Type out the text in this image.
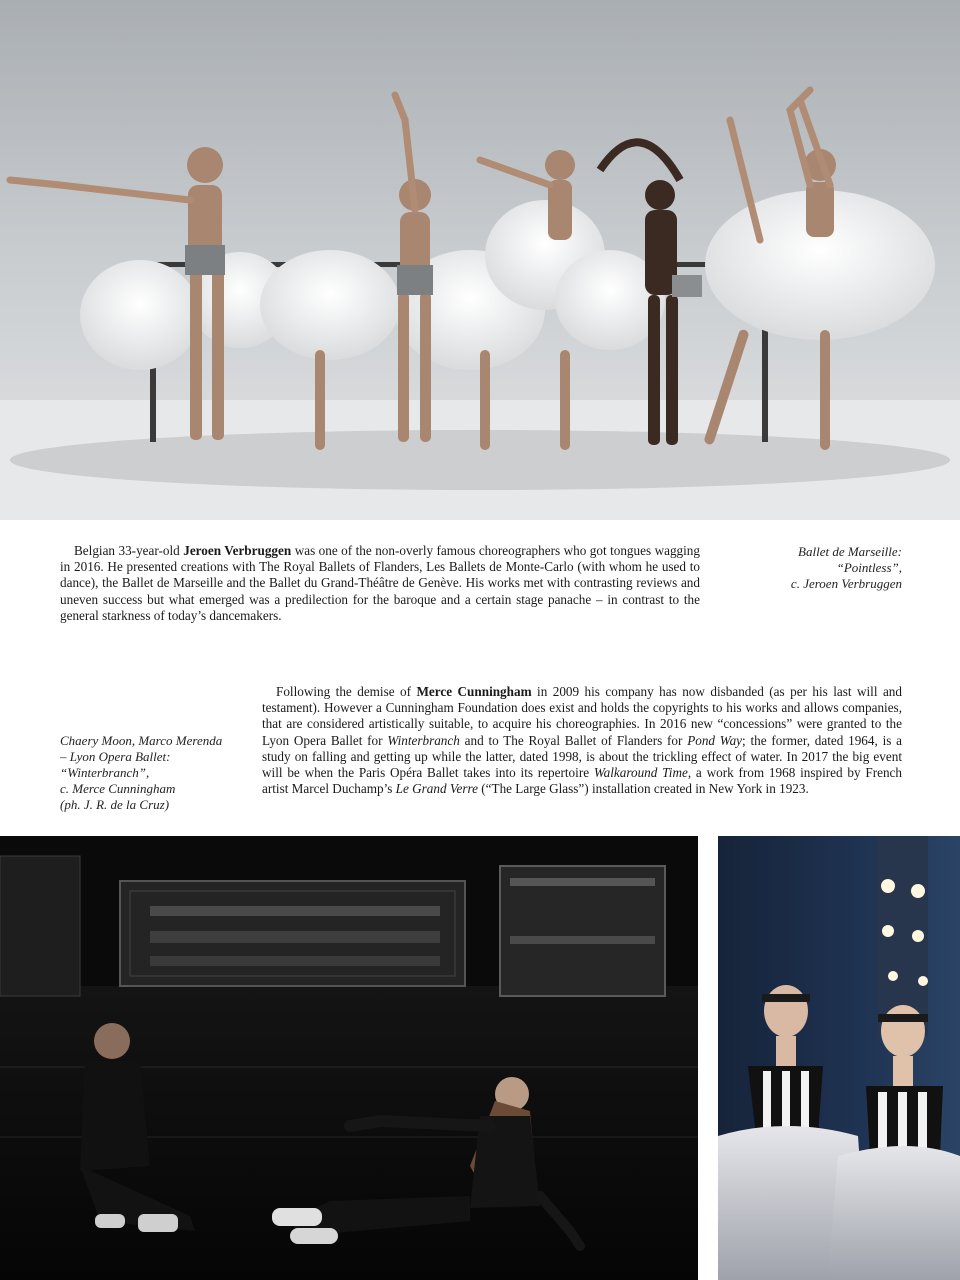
Belgian 33-year-old Jeroen Verbruggen was one of the non-overly famous choreographers who got tongues wagging in 2016. He presented creations with The Royal Ballets of Flanders, Les Ballets de Monte-Carlo (with whom he used to dance), the Ballet de Marseille and the Ballet du Grand-Théâtre de Genève. His works met with contrasting reviews and uneven success but what emerged was a predilection for the baroque and a certain stage panache – in contrast to the general starkness of today’s dancemakers.

Ballet de Marseille:
“Pointless”,
c. Jeroen Verbruggen

Following the demise of Merce Cunningham in 2009 his company has now disbanded (as per his last will and testament). However a Cunningham Foundation does exist and holds the copyrights to his works and allows companies, that are considered artistically suitable, to acquire his choreographies. In 2016 new “concessions” were granted to the Lyon Opera Ballet for Winterbranch and to The Royal Ballet of Flanders for Pond Way; the former, dated 1964, is a study on falling and getting up while the latter, dated 1998, is about the trickling effect of water. In 2017 the big event will be when the Paris Opéra Ballet takes into its repertoire Walkaround Time, a work from 1968 inspired by French artist Marcel Duchamp’s Le Grand Verre (“The Large Glass”) installation created in New York in 1923.

Chaery Moon, Marco Merenda
– Lyon Opera Ballet:
“Winterbranch”,
c. Merce Cunningham
(ph. J. R. de la Cruz)
